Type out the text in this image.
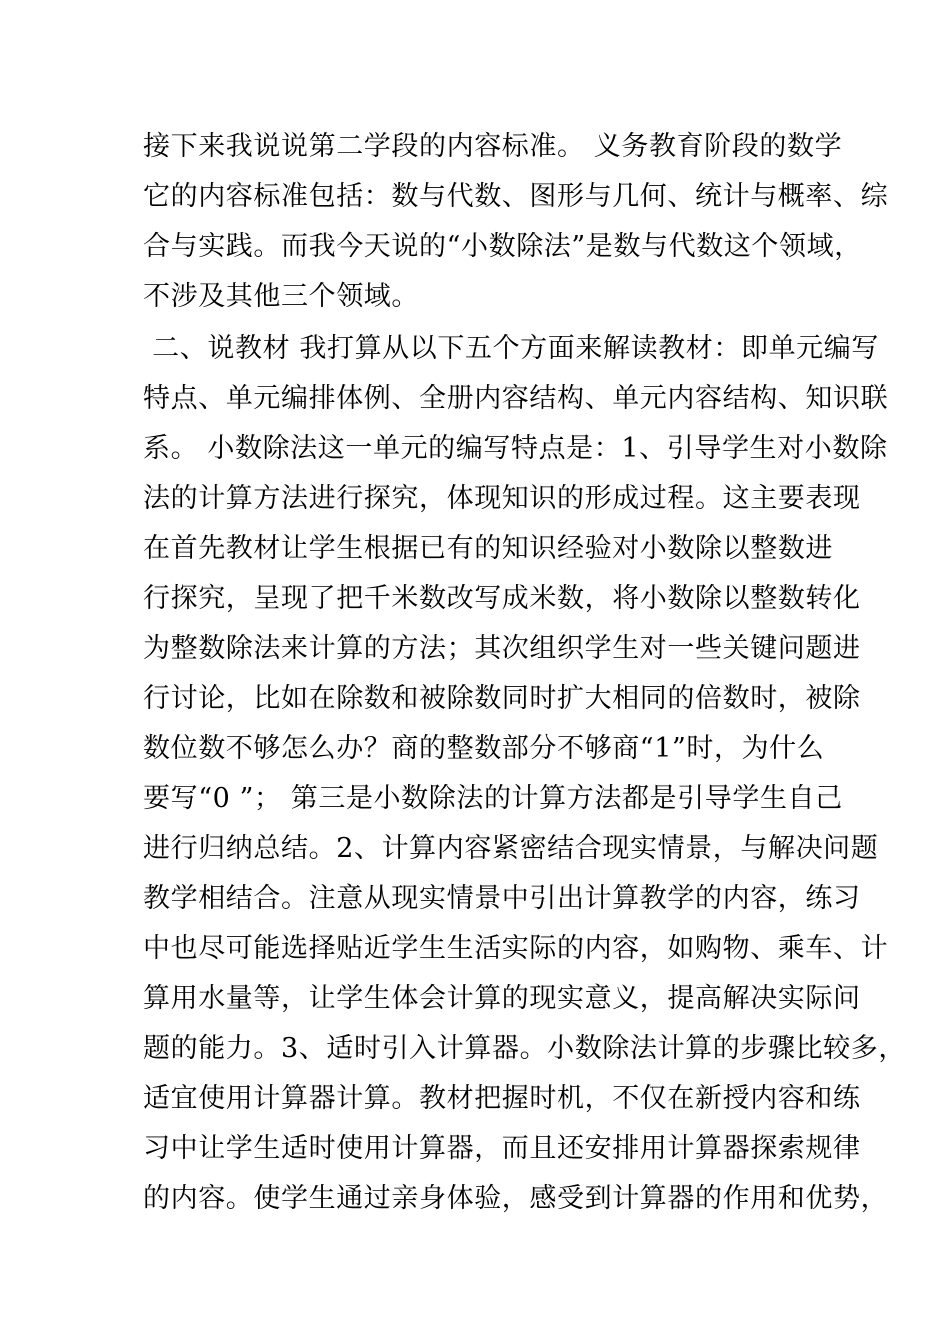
接下来我说说第二学段的内容标准。 义务教育阶段的数学
它的内容标准包括：数与代数、图形与几何、统计与概率、综
合与实践。而我今天说的“小数除法”是数与代数这个领域，
不涉及其他三个领域。
二、说教材 我打算从以下五个方面来解读教材：即单元编写
特点、单元编排体例、全册内容结构、单元内容结构、知识联
系。 小数除法这一单元的编写特点是：1、引导学生对小数除
法的计算方法进行探究，体现知识的形成过程。这主要表现
在首先教材让学生根据已有的知识经验对小数除以整数进
行探究，呈现了把千米数改写成米数，将小数除以整数转化
为整数除法来计算的方法；其次组织学生对一些关键问题进
行讨论，比如在除数和被除数同时扩大相同的倍数时，被除
数位数不够怎么办？商的整数部分不够商“1”时，为什么
要写“0 ”； 第三是小数除法的计算方法都是引导学生自己
进行归纳总结。2、计算内容紧密结合现实情景，与解决问题
教学相结合。注意从现实情景中引出计算教学的内容，练习
中也尽可能选择贴近学生生活实际的内容，如购物、乘车、计
算用水量等，让学生体会计算的现实意义，提高解决实际问
题的能力。3、适时引入计算器。小数除法计算的步骤比较多，
适宜使用计算器计算。教材把握时机，不仅在新授内容和练
习中让学生适时使用计算器，而且还安排用计算器探索规律
的内容。使学生通过亲身体验，感受到计算器的作用和优势，
